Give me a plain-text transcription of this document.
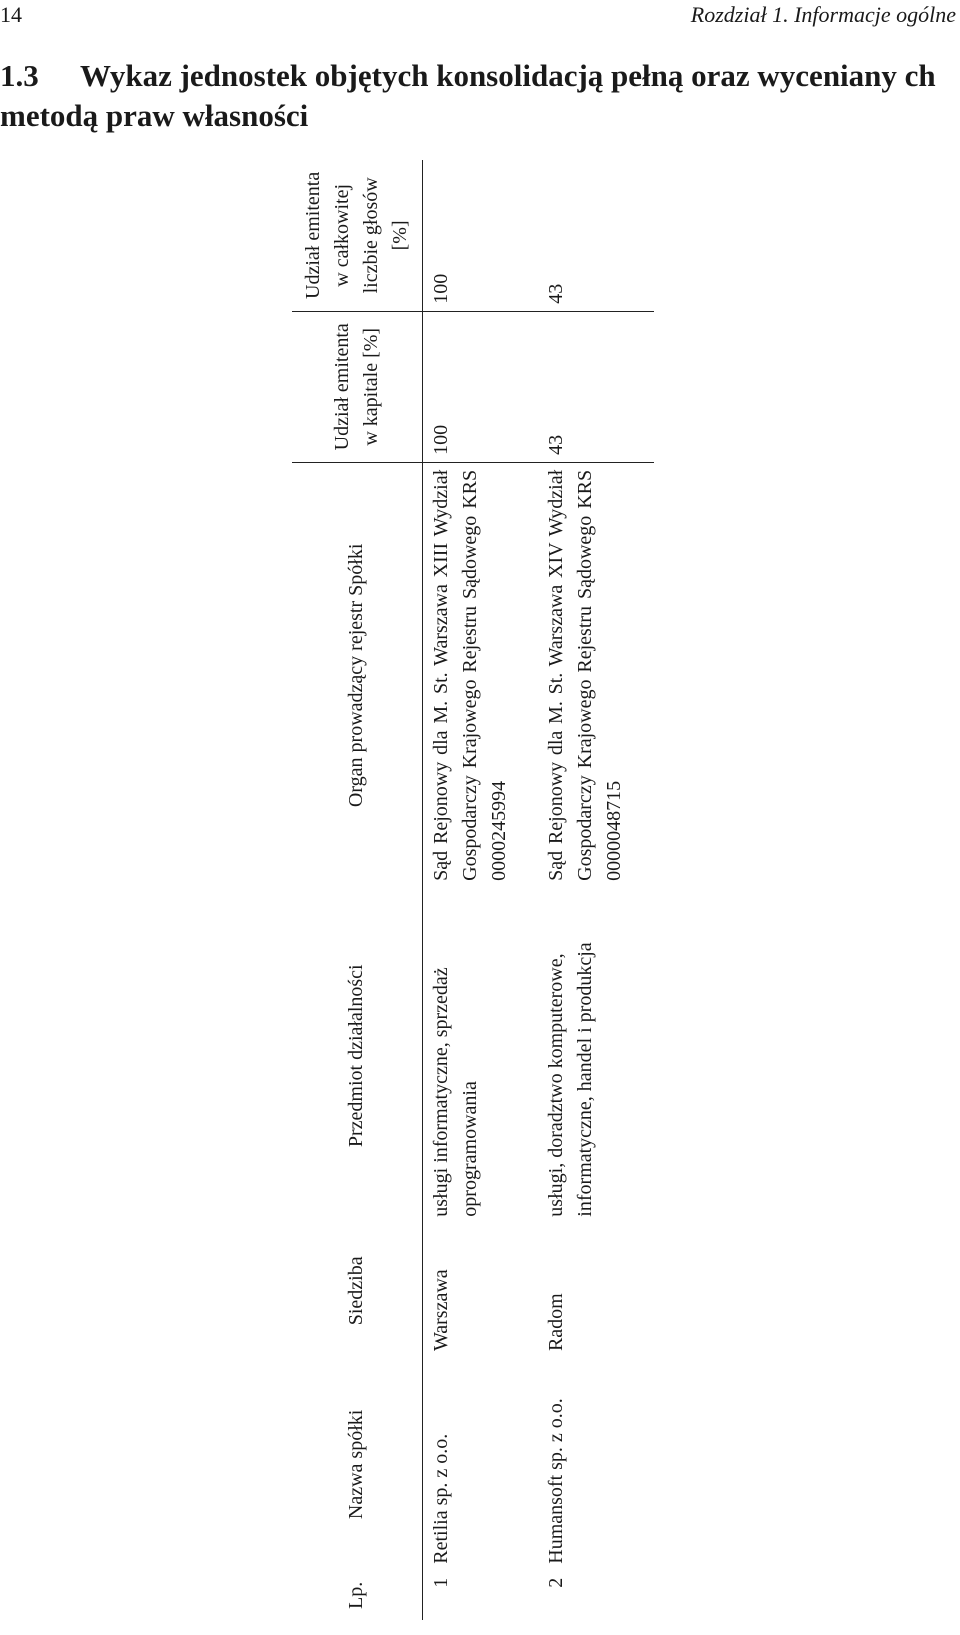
14	Rozdział 1. Informacje ogólne
1.3 Wykaz jednostek objętych konsolidacją pełną oraz wyceniany ch metodą praw własności
Lp.	Nazwa spółki	Siedziba	Przedmiot działalności	Organ prowadzący rejestr Spółki	Udział emitenta w kapitale [%]	Udział emitenta w całkowitej liczbie głosów [%]
1	Retilia sp. z o.o.	Warszawa	usługi informatyczne, sprzedaż oprogramowania	Sąd Rejonowy dla M. St. Warszawa XIII Wydział Gospodarczy Krajowego Rejestru Sądowego KRS 0000245994	100	100
2	Humansoft sp. z o.o.	Radom	usługi, doradztwo komputerowe, informatyczne, handel i produkcja	Sąd Rejonowy dla M. St. Warszawa XIV Wydział Gospodarczy Krajowego Rejestru Sądowego KRS 0000048715	43	43
